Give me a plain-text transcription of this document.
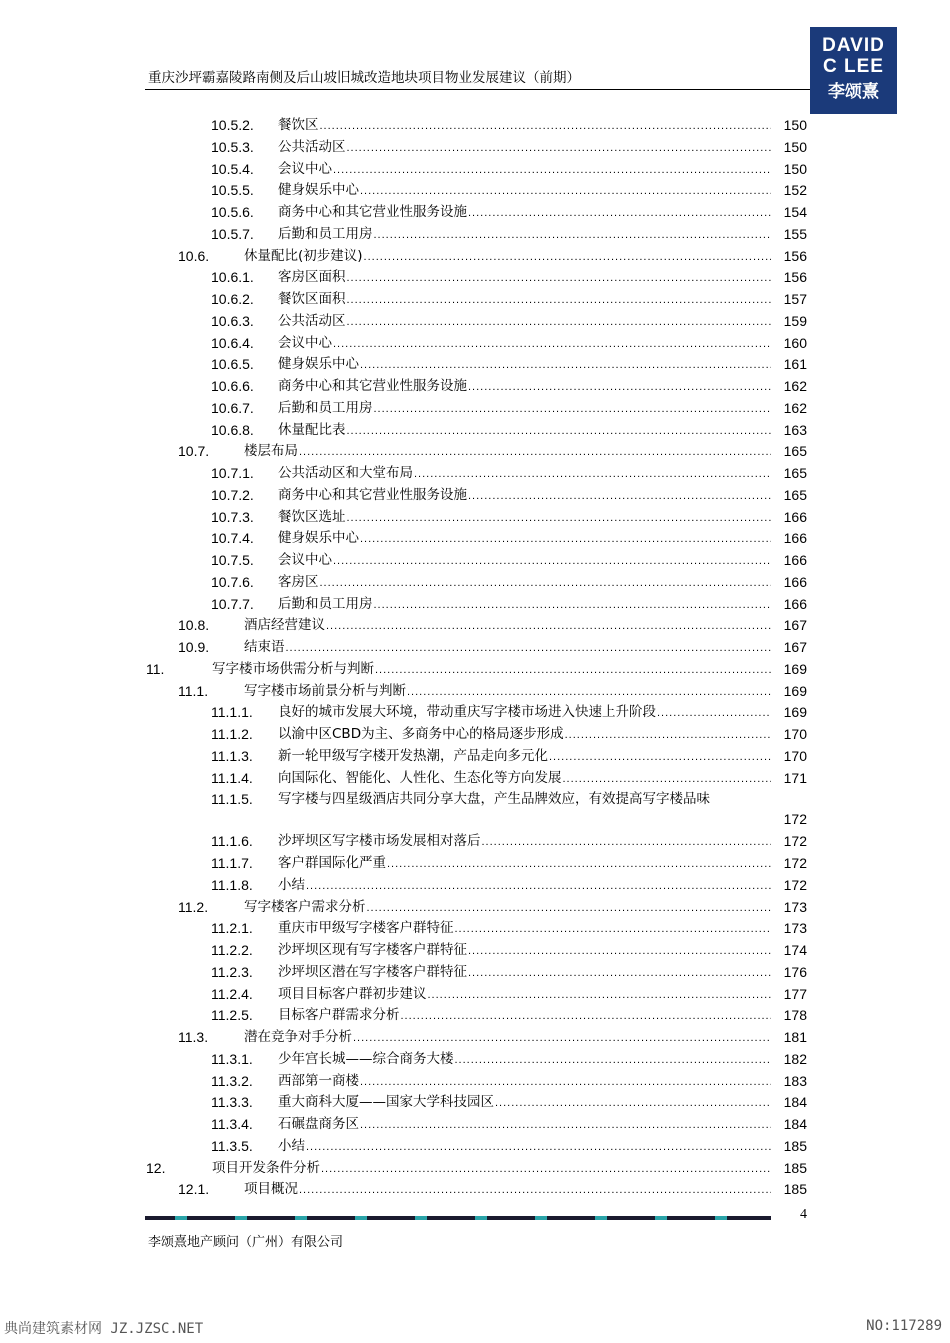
重庆沙坪霸嘉陵路南侧及后山坡旧城改造地块项目物业发展建议（前期）
DAVID
C LEE
李颂熹
10.5.2. 餐饮区 .....	150
10.5.3. 公共活动区 .....	150
10.5.4. 会议中心 .....	150
10.5.5. 健身娱乐中心 .....	152
10.5.6. 商务中心和其它营业性服务设施 .....	154
10.5.7. 后勤和员工用房 .....	155
10.6.	休量配比(初步建议) .....	156
10.6.1. 客房区面积 .....	156
10.6.2. 餐饮区面积 .....	157
10.6.3. 公共活动区 .....	159
10.6.4. 会议中心 .....	160
10.6.5. 健身娱乐中心 .....	161
10.6.6. 商务中心和其它营业性服务设施 .....	162
10.6.7. 后勤和员工用房 .....	162
10.6.8. 休量配比表 .....	163
10.7.	楼层布局 .....	165
10.7.1. 公共活动区和大堂布局 .....	165
10.7.2. 商务中心和其它营业性服务设施 .....	165
10.7.3. 餐饮区选址 .....	166
10.7.4. 健身娱乐中心 .....	166
10.7.5. 会议中心 .....	166
10.7.6. 客房区 .....	166
10.7.7. 后勤和员工用房 .....	166
10.8.	酒店经营建议 .....	167
10.9.	结束语 .....	167
11.	写字楼市场供需分析与判断 .....	169
11.1.	写字楼市场前景分析与判断 .....	169
11.1.1. 良好的城市发展大环境，带动重庆写字楼市场进入快速上升阶段 .....	169
11.1.2. 以渝中区CBD为主、多商务中心的格局逐步形成 .....	170
11.1.3. 新一轮甲级写字楼开发热潮，产品走向多元化 .....	170
11.1.4. 向国际化、智能化、人性化、生态化等方向发展 .....	171
11.1.5. 写字楼与四星级酒店共同分享大盘，产生品牌效应，有效提高写字楼品味
172
11.1.6. 沙坪坝区写字楼市场发展相对落后 .....	172
11.1.7. 客户群国际化严重 .....	172
11.1.8. 小结 .....	172
11.2.	写字楼客户需求分析 .....	173
11.2.1. 重庆市甲级写字楼客户群特征 .....	173
11.2.2. 沙坪坝区现有写字楼客户群特征 .....	174
11.2.3. 沙坪坝区潜在写字楼客户群特征 .....	176
11.2.4. 项目目标客户群初步建议 .....	177
11.2.5. 目标客户群需求分析 .....	178
11.3.	潜在竞争对手分析 .....	181
11.3.1. 少年宫长城——综合商务大楼 .....	182
11.3.2. 西部第一商楼 .....	183
11.3.3. 重大商科大厦——国家大学科技园区 .....	184
11.3.4. 石碾盘商务区 .....	184
11.3.5. 小结 .....	185
12.	项目开发条件分析 .....	185
12.1.	项目概况 .....	185
4
李颂熹地产顾问（广州）有限公司
典尚建筑素材网 JZ.JZSC.NET	NO:117289
